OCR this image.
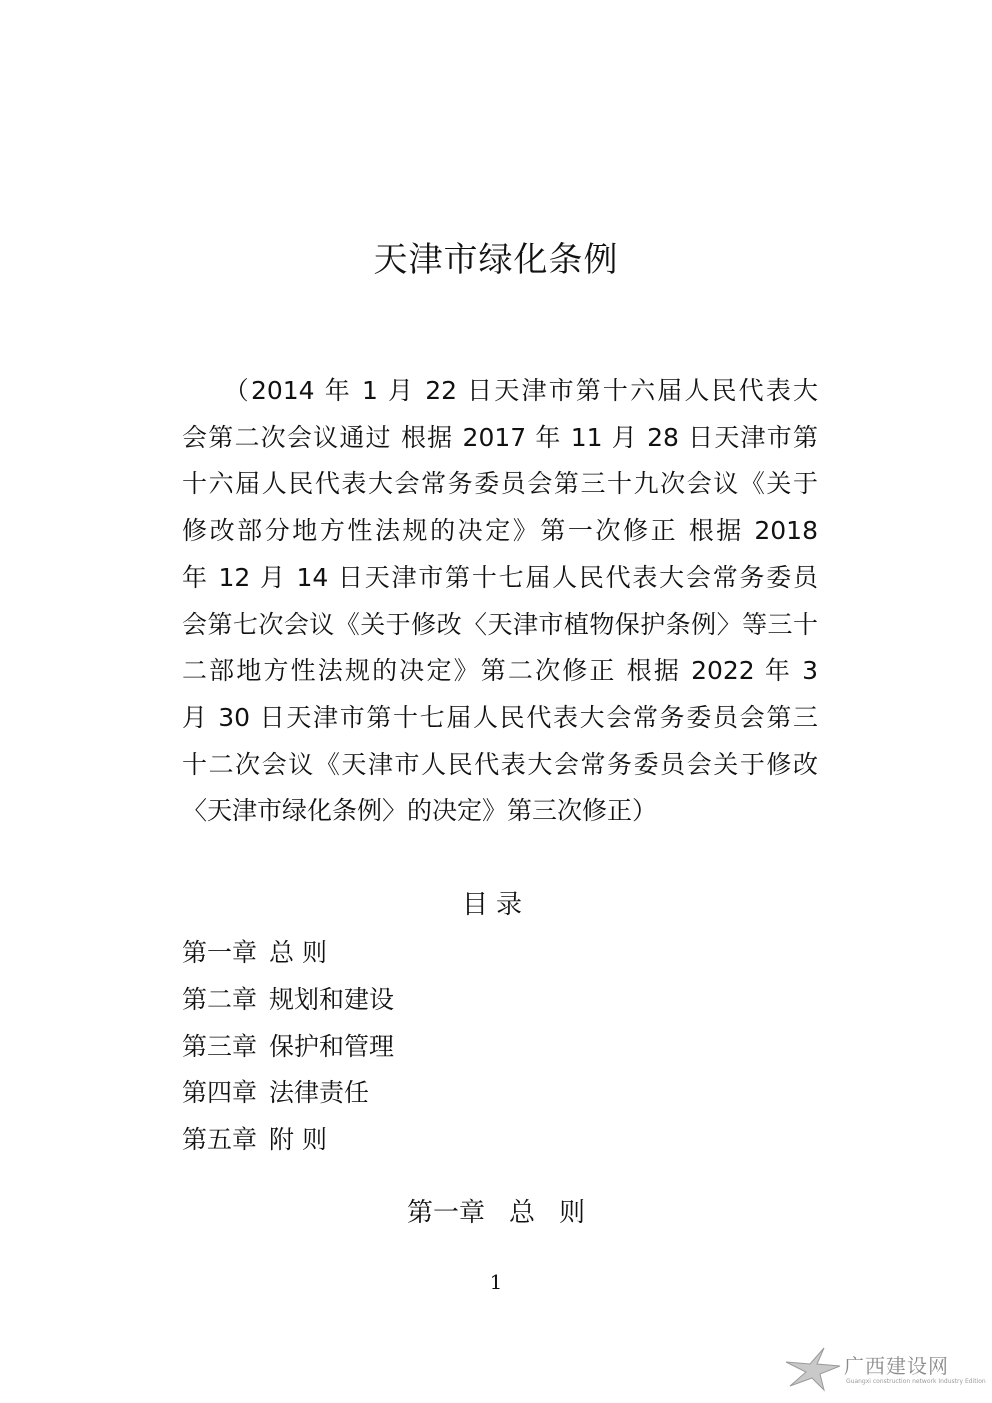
天津市绿化条例
　　（2014 年 1 月 22 日天津市第十六届人民代表大
会第二次会议通过 根据 2017 年 11 月 28 日天津市第
十六届人民代表大会常务委员会第三十九次会议《关于
修改部分地方性法规的决定》第一次修正 根据 2018
年 12 月 14 日天津市第十七届人民代表大会常务委员
会第七次会议《关于修改〈天津市植物保护条例〉等三十
二部地方性法规的决定》第二次修正 根据 2022 年 3
月 30 日天津市第十七届人民代表大会常务委员会第三
十二次会议《天津市人民代表大会常务委员会关于修改
〈天津市绿化条例〉的决定》第三次修正）
目录
第一章 总 则
第二章 规划和建设
第三章 保护和管理
第四章 法律责任
第五章 附 则
第一章 总 则
1
广西建设网
Guangxi construction network Industry Edition
